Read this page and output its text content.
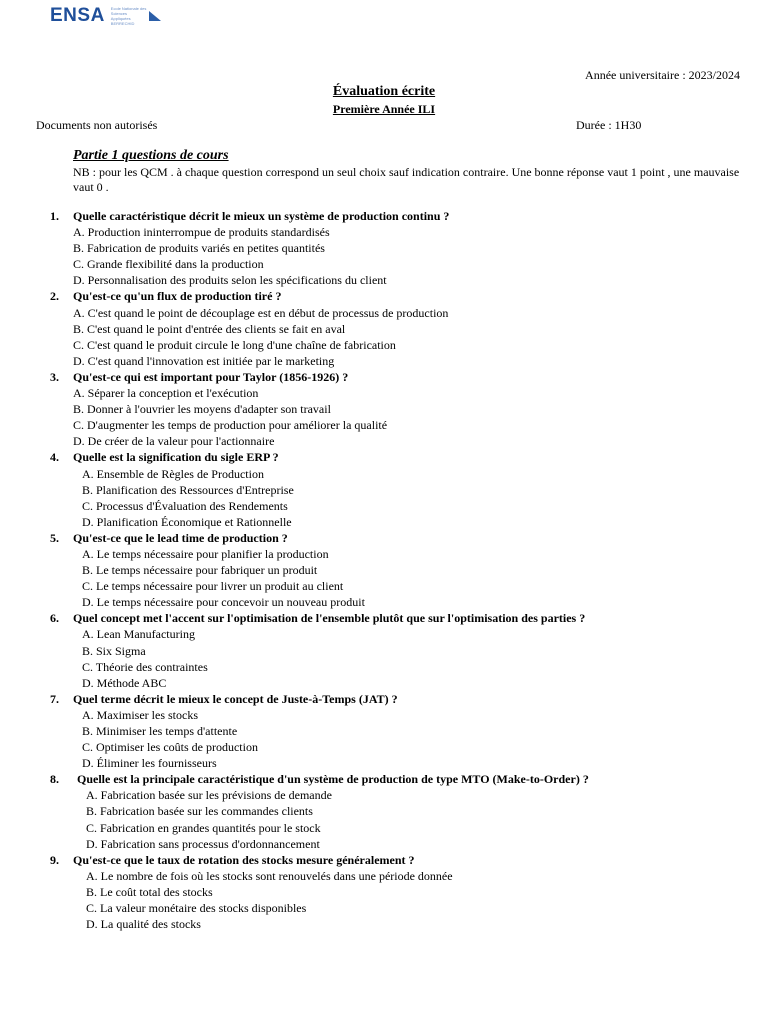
ENSA Ecole Nationale des Sciences Appliquées BERRECHID
Année universitaire : 2023/2024
Évaluation écrite
Première Année ILI
Documents non autorisés	Durée : 1H30
Partie 1 questions de cours
NB : pour les QCM . à chaque question correspond un seul choix sauf indication contraire. Une bonne réponse vaut 1 point , une mauvaise vaut 0 .
1. Quelle caractéristique décrit le mieux un système de production continu ?
A. Production ininterrompue de produits standardisés
B. Fabrication de produits variés en petites quantités
C. Grande flexibilité dans la production
D. Personnalisation des produits selon les spécifications du client
2. Qu'est-ce qu'un flux de production tiré ?
A. C'est quand le point de découplage est en début de processus de production
B. C'est quand le point d'entrée des clients se fait en aval
C. C'est quand le produit circule le long d'une chaîne de fabrication
D. C'est quand l'innovation est initiée par le marketing
3. Qu'est-ce qui est important pour Taylor (1856-1926) ?
A. Séparer la conception et l'exécution
B. Donner à l'ouvrier les moyens d'adapter son travail
C. D'augmenter les temps de production pour améliorer la qualité
D. De créer de la valeur pour l'actionnaire
4. Quelle est la signification du sigle ERP ?
A. Ensemble de Règles de Production
B. Planification des Ressources d'Entreprise
C. Processus d'Évaluation des Rendements
D. Planification Économique et Rationnelle
5. Qu'est-ce que le lead time de production ?
A. Le temps nécessaire pour planifier la production
B. Le temps nécessaire pour fabriquer un produit
C. Le temps nécessaire pour livrer un produit au client
D. Le temps nécessaire pour concevoir un nouveau produit
6. Quel concept met l'accent sur l'optimisation de l'ensemble plutôt que sur l'optimisation des parties ?
A. Lean Manufacturing
B. Six Sigma
C. Théorie des contraintes
D. Méthode ABC
7. Quel terme décrit le mieux le concept de Juste-à-Temps (JAT) ?
A. Maximiser les stocks
B. Minimiser les temps d'attente
C. Optimiser les coûts de production
D. Éliminer les fournisseurs
8. Quelle est la principale caractéristique d'un système de production de type MTO (Make-to-Order) ?
A. Fabrication basée sur les prévisions de demande
B. Fabrication basée sur les commandes clients
C. Fabrication en grandes quantités pour le stock
D. Fabrication sans processus d'ordonnancement
9. Qu'est-ce que le taux de rotation des stocks mesure généralement ?
A. Le nombre de fois où les stocks sont renouvelés dans une période donnée
B. Le coût total des stocks
C. La valeur monétaire des stocks disponibles
D. La qualité des stocks
